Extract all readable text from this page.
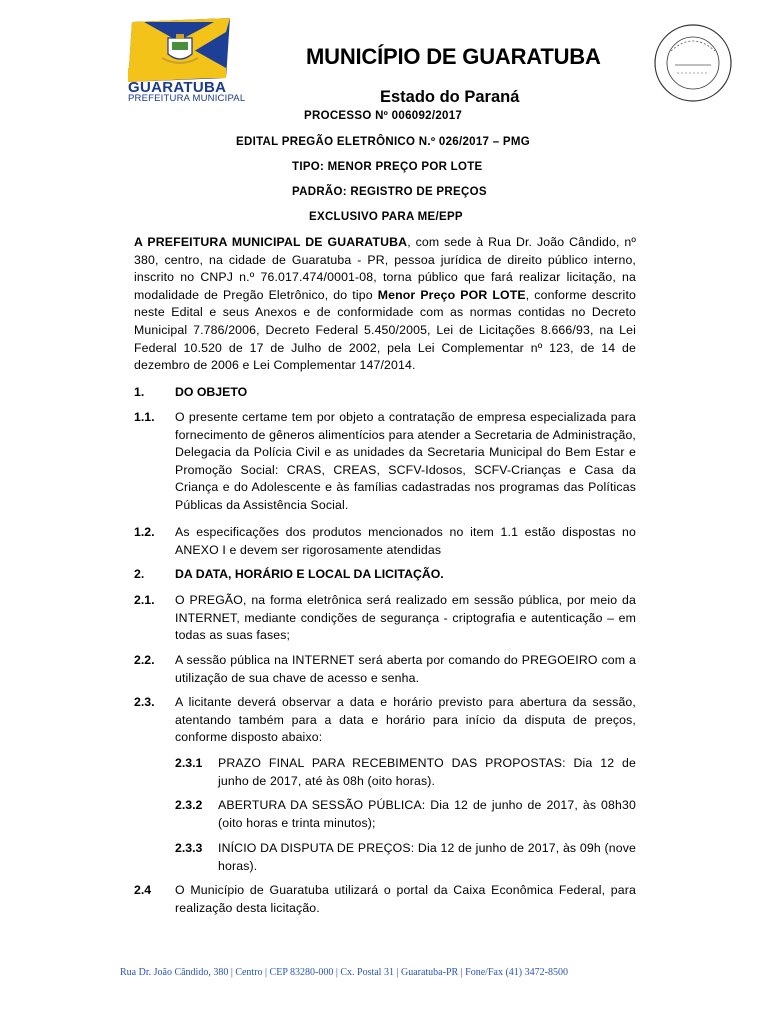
GUARATUBA
PREFEITURA MUNICIPAL
MUNICÍPIO DE GUARATUBA
Estado do Paraná
PROCESSO Nº 006092/2017
EDITAL PREGÃO ELETRÔNICO N.º 026/2017 – PMG
TIPO: MENOR PREÇO POR LOTE
PADRÃO: REGISTRO DE PREÇOS
EXCLUSIVO PARA ME/EPP
A PREFEITURA MUNICIPAL DE GUARATUBA, com sede à Rua Dr. João Cândido, nº 380, centro, na cidade de Guaratuba - PR, pessoa jurídica de direito público interno, inscrito no CNPJ n.º 76.017.474/0001-08, torna público que fará realizar licitação, na modalidade de Pregão Eletrônico, do tipo Menor Preço POR LOTE, conforme descrito neste Edital e seus Anexos e de conformidade com as normas contidas no Decreto Municipal 7.786/2006, Decreto Federal 5.450/2005, Lei de Licitações 8.666/93, na Lei Federal 10.520 de 17 de Julho de 2002, pela Lei Complementar nº 123, de 14 de dezembro de 2006 e Lei Complementar 147/2014.
1. DO OBJETO
1.1. O presente certame tem por objeto a contratação de empresa especializada para fornecimento de gêneros alimentícios para atender a Secretaria de Administração, Delegacia da Polícia Civil e as unidades da Secretaria Municipal do Bem Estar e Promoção Social: CRAS, CREAS, SCFV-Idosos, SCFV-Crianças e Casa da Criança e do Adolescente e às famílias cadastradas nos programas das Políticas Públicas da Assistência Social.
1.2. As especificações dos produtos mencionados no item 1.1 estão dispostas no ANEXO I e devem ser rigorosamente atendidas
2. DA DATA, HORÁRIO E LOCAL DA LICITAÇÃO.
2.1. O PREGÃO, na forma eletrônica será realizado em sessão pública, por meio da INTERNET, mediante condições de segurança - criptografia e autenticação – em todas as suas fases;
2.2. A sessão pública na INTERNET será aberta por comando do PREGOEIRO com a utilização de sua chave de acesso e senha.
2.3. A licitante deverá observar a data e horário previsto para abertura da sessão, atentando também para a data e horário para início da disputa de preços, conforme disposto abaixo:
2.3.1 PRAZO FINAL PARA RECEBIMENTO DAS PROPOSTAS: Dia 12 de junho de 2017, até às 08h (oito horas).
2.3.2 ABERTURA DA SESSÃO PÚBLICA: Dia 12 de junho de 2017, às 08h30 (oito horas e trinta minutos);
2.3.3 INÍCIO DA DISPUTA DE PREÇOS: Dia 12 de junho de 2017, às 09h (nove horas).
2.4 O Município de Guaratuba utilizará o portal da Caixa Econômica Federal, para realização desta licitação.
Rua Dr. João Cândido, 380 | Centro | CEP 83280-000 | Cx. Postal 31 | Guaratuba-PR | Fone/Fax (41) 3472-8500
